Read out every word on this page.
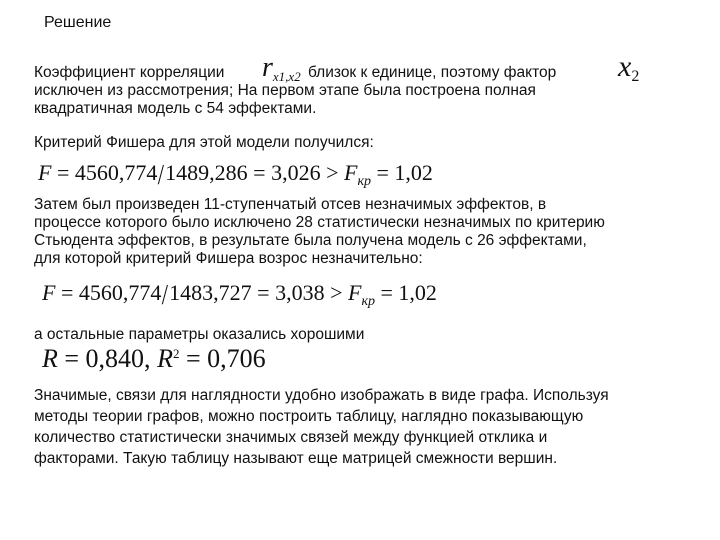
Решение
Коэффициент корреляции $r_{x1,x2}$ близок к единице, поэтому фактор $x_2$
исключен из рассмотрения; На первом этапе была построена полная
квадратичная модель с 54 эффектами.
Критерий Фишера для этой модели получился:
$F = 4560,774/1489,286 = 3,026 > F_{кр} = 1,02$
Затем был произведен 11-ступенчатый отсев незначимых эффектов, в
процессе которого было исключено 28 статистически незначимых по критерию
Стьюдента эффектов, в результате была получена модель с 26 эффектами,
для которой критерий Фишера возрос незначительно:
$F = 4560,774/1483,727 = 3,038 > F_{кр} = 1,02$
а остальные параметры оказались хорошими
R = 0,840, $R^2 = 0,706$
Значимые, связи для наглядности удобно изображать в виде графа. Используя
методы теории графов, можно построить таблицу, наглядно показывающую
количество статистически значимых связей между функцией отклика и
факторами. Такую таблицу называют еще матрицей смежности вершин.
